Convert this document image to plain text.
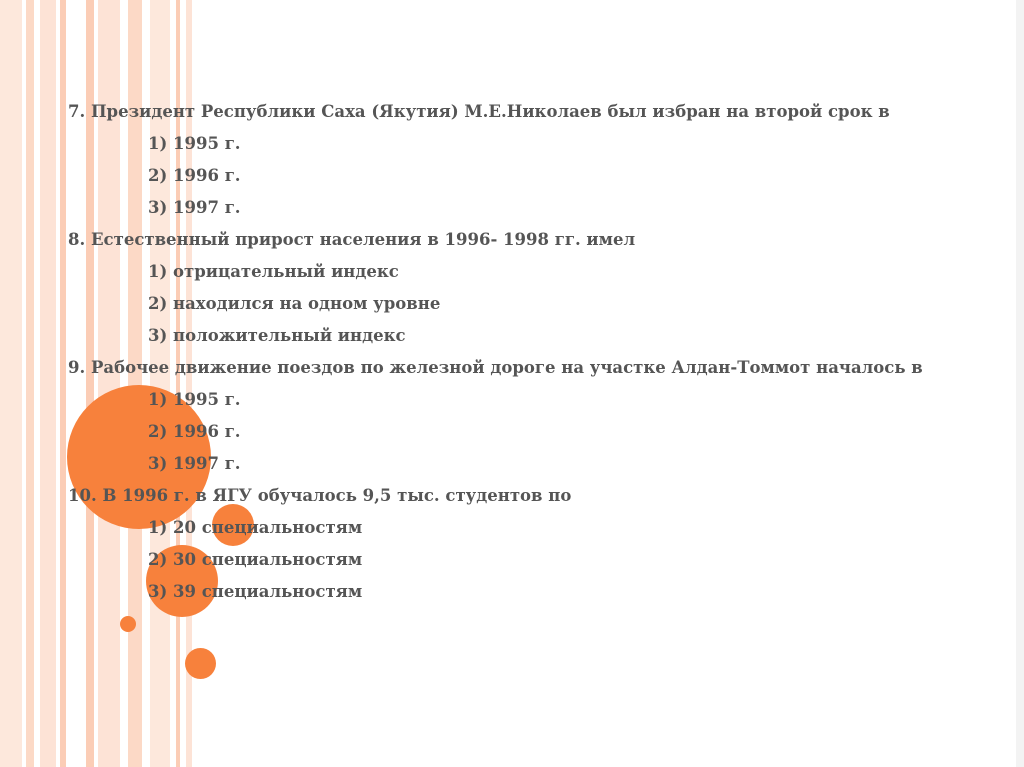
7. Президент Республики Саха (Якутия) М.Е.Николаев был избран на второй срок в

1) 1995 г.

2) 1996 г.

3) 1997 г.

8. Естественный прирост населения в 1996- 1998 гг. имел

1) отрицательный индекс

2) находился на одном уровне

3) положительный индекс

9. Рабочее движение поездов по железной дороге на участке Алдан-Томмот началось в

1) 1995 г.

2) 1996 г.

3) 1997 г.

10. В 1996 г. в ЯГУ обучалось 9,5 тыс. студентов по

1) 20 специальностям

2) 30 специальностям

3) 39 специальностям
